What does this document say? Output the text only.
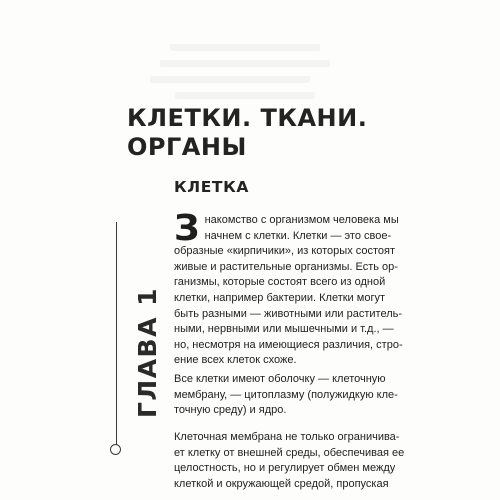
КЛЕТКИ. ТКАНИ.
ОРГАНЫ
КЛЕТКА
ГЛАВА 1
З накомство с организмом человека мы
начнем с клетки. Клетки — это свое-
образные «кирпичики», из которых состоят
живые и растительные организмы. Есть ор-
ганизмы, которые состоят всего из одной
клетки, например бактерии. Клетки могут
быть разными — животными или раститель-
ными, нервными или мышечными и т.д., —
но, несмотря на имеющиеся различия, стро-
ение всех клеток схоже.
Все клетки имеют оболочку — клеточную
мембрану, — цитоплазму (полужидкую кле-
точную среду) и ядро.
Клеточная мембрана не только ограничива-
ет клетку от внешней среды, обеспечивая ее
целостность, но и регулирует обмен между
клеткой и окружающей средой, пропуская
